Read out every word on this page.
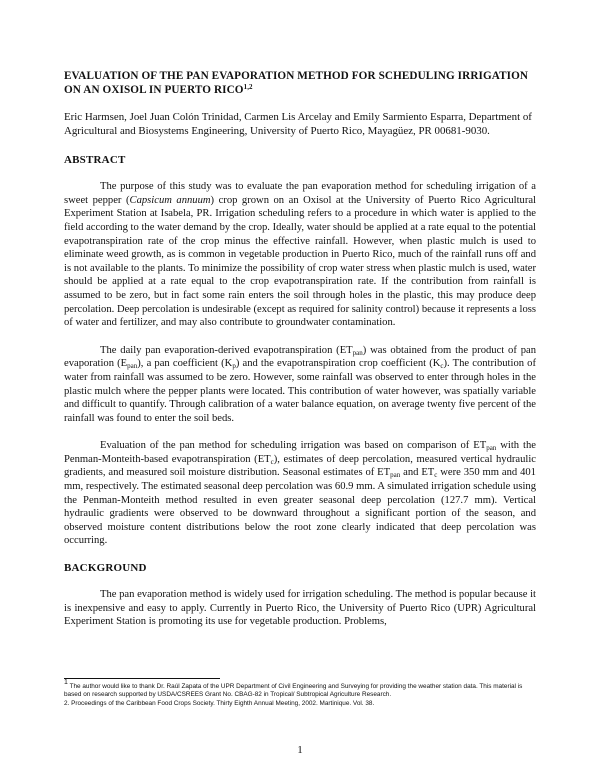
EVALUATION OF THE PAN EVAPORATION METHOD FOR SCHEDULING IRRIGATION ON AN OXISOL IN PUERTO RICO$^{1,2}$
Eric Harmsen, Joel Juan Colón Trinidad, Carmen Lis Arcelay and Emily Sarmiento Esparra, Department of Agricultural and Biosystems Engineering, University of Puerto Rico, Mayagüez, PR 00681-9030.
ABSTRACT

The purpose of this study was to evaluate the pan evaporation method for scheduling irrigation of a sweet pepper (Capsicum annuum) crop grown on an Oxisol at the University of Puerto Rico Agricultural Experiment Station at Isabela, PR. Irrigation scheduling refers to a procedure in which water is applied to the field according to the water demand by the crop. Ideally, water should be applied at a rate equal to the potential evapotranspiration rate of the crop minus the effective rainfall. However, when plastic mulch is used to eliminate weed growth, as is common in vegetable production in Puerto Rico, much of the rainfall runs off and is not available to the plants. To minimize the possibility of crop water stress when plastic mulch is used, water should be applied at a rate equal to the crop evapotranspiration rate. If the contribution from rainfall is assumed to be zero, but in fact some rain enters the soil through holes in the plastic, this may produce deep percolation. Deep percolation is undesirable (except as required for salinity control) because it represents a loss of water and fertilizer, and may also contribute to groundwater contamination.

The daily pan evaporation-derived evapotranspiration $(ET_{pan})$ was obtained from the product of pan evaporation $(E_{pan})$, a pan coefficient $(K_p)$ and the evapotranspiration crop coefficient $(K_c)$. The contribution of water from rainfall was assumed to be zero. However, some rainfall was observed to enter through holes in the plastic mulch where the pepper plants were located. This contribution of water however, was spatially variable and difficult to quantify. Through calibration of a water balance equation, on average twenty five percent of the rainfall was found to enter the soil beds.

Evaluation of the pan method for scheduling irrigation was based on comparison of $ET_{pan}$ with the Penman-Monteith-based evapotranspiration $(ET_c)$, estimates of deep percolation, measured vertical hydraulic gradients, and measured soil moisture distribution. Seasonal estimates of $ET_{pan}$ and $ET_c$ were 350 mm and 401 mm, respectively. The estimated seasonal deep percolation was 60.9 mm. A simulated irrigation schedule using the Penman-Monteith method resulted in even greater seasonal deep percolation (127.7 mm). Vertical hydraulic gradients were observed to be downward throughout a significant portion of the season, and observed moisture content distributions below the root zone clearly indicated that deep percolation was occurring.

BACKGROUND

The pan evaporation method is widely used for irrigation scheduling. The method is popular because it is inexpensive and easy to apply. Currently in Puerto Rico, the University of Puerto Rico (UPR) Agricultural Experiment Station is promoting its use for vegetable production. Problems,

$^1$ The author would like to thank Dr. Raúl Zapata of the UPR Department of Civil Engineering and Surveying for providing the weather station data. This material is based on research supported by USDA/CSREES Grant No. CBAG-82 in Tropical/ Subtropical Agriculture Research.

2. Proceedings of the Caribbean Food Crops Society. Thirty Eighth Annual Meeting, 2002. Martinique. Vol. 38.

1
